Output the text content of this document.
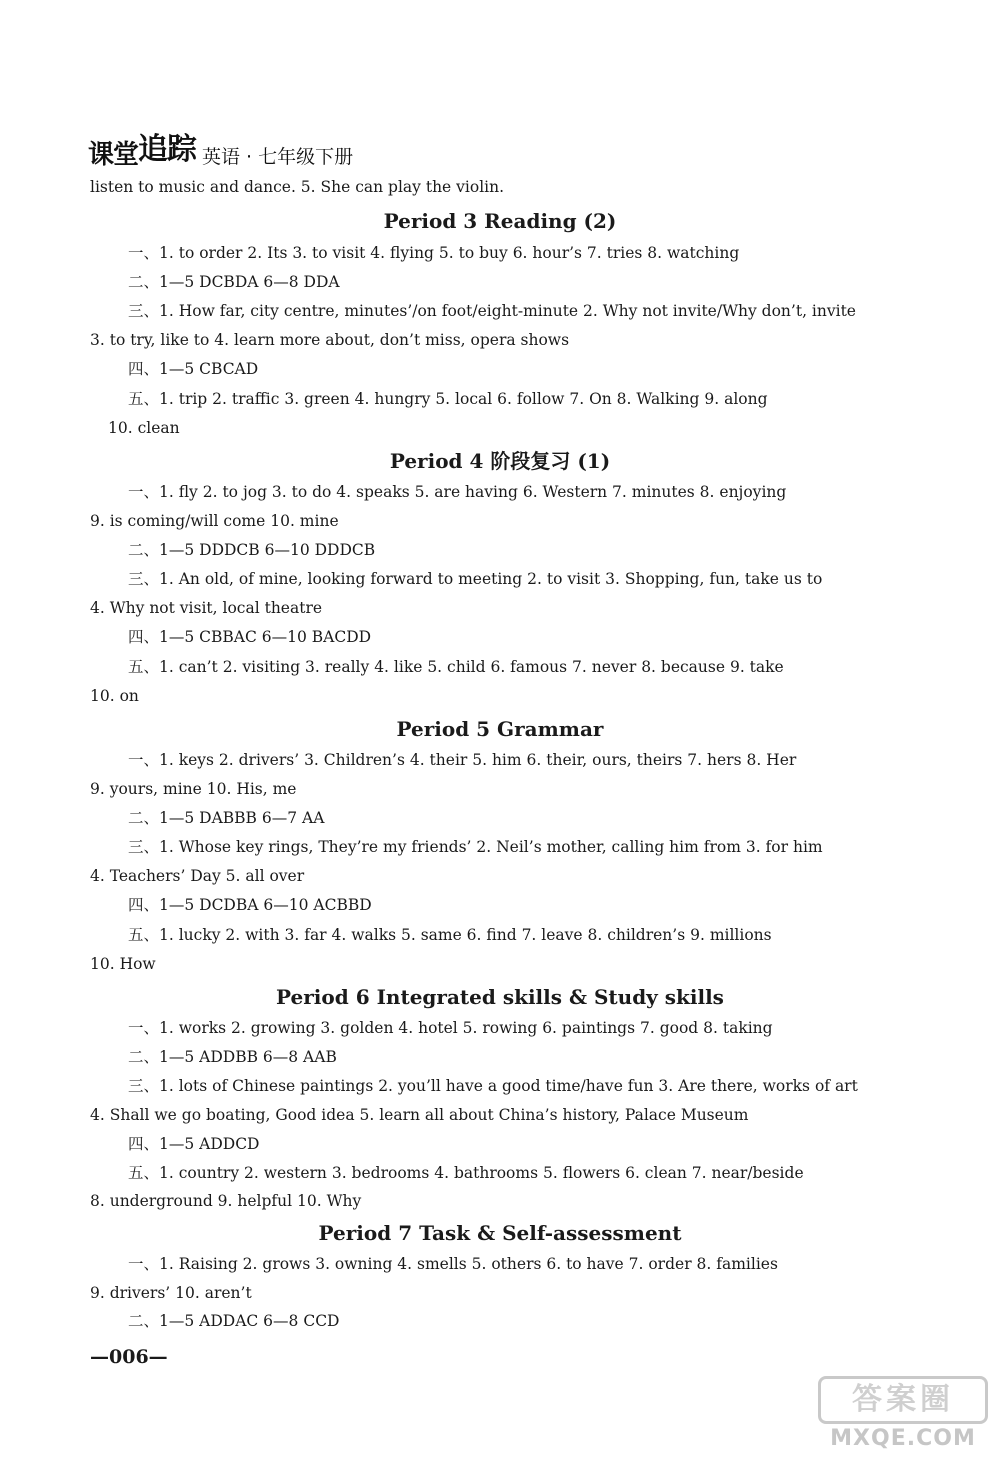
课堂追踪 英语 · 七年级下册
listen to music and dance. 5. She can play the violin.
Period 3 Reading (2)
一、1. to order 2. Its 3. to visit 4. flying 5. to buy 6. hour’s 7. tries 8. watching
二、1—5 DCBDA 6—8 DDA
三、1. How far, city centre, minutes’/on foot/eight-minute 2. Why not invite/Why don’t, invite
3. to try, like to 4. learn more about, don’t miss, opera shows
四、1—5 CBCAD
五、1. trip 2. traffic 3. green 4. hungry 5. local 6. follow 7. On 8. Walking 9. along
10. clean
Period 4 阶段复习 (1)
一、1. fly 2. to jog 3. to do 4. speaks 5. are having 6. Western 7. minutes 8. enjoying
9. is coming/will come 10. mine
二、1—5 DDDCB 6—10 DDDCB
三、1. An old, of mine, looking forward to meeting 2. to visit 3. Shopping, fun, take us to
4. Why not visit, local theatre
四、1—5 CBBAC 6—10 BACDD
五、1. can’t 2. visiting 3. really 4. like 5. child 6. famous 7. never 8. because 9. take
10. on
Period 5 Grammar
一、1. keys 2. drivers’ 3. Children’s 4. their 5. him 6. their, ours, theirs 7. hers 8. Her
9. yours, mine 10. His, me
二、1—5 DABBB 6—7 AA
三、1. Whose key rings, They’re my friends’ 2. Neil’s mother, calling him from 3. for him
4. Teachers’ Day 5. all over
四、1—5 DCDBA 6—10 ACBBD
五、1. lucky 2. with 3. far 4. walks 5. same 6. find 7. leave 8. children’s 9. millions
10. How
Period 6 Integrated skills & Study skills
一、1. works 2. growing 3. golden 4. hotel 5. rowing 6. paintings 7. good 8. taking
二、1—5 ADDBB 6—8 AAB
三、1. lots of Chinese paintings 2. you’ll have a good time/have fun 3. Are there, works of art
4. Shall we go boating, Good idea 5. learn all about China’s history, Palace Museum
四、1—5 ADDCD
五、1. country 2. western 3. bedrooms 4. bathrooms 5. flowers 6. clean 7. near/beside
8. underground 9. helpful 10. Why
Period 7 Task & Self-assessment
一、1. Raising 2. grows 3. owning 4. smells 5. others 6. to have 7. order 8. families
9. drivers’ 10. aren’t
二、1—5 ADDAC 6—8 CCD
—006—
答案圈
MXQE.COM
